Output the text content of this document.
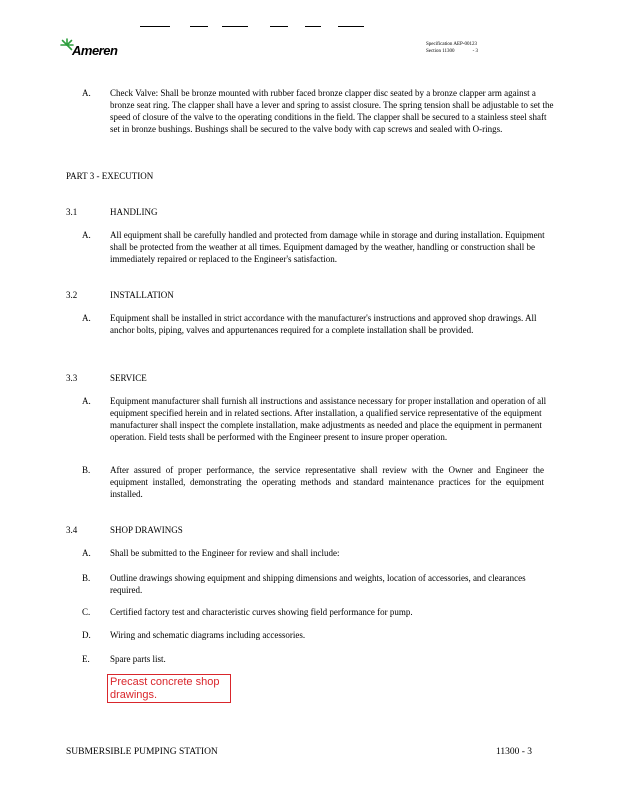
Ameren	Specification AEP-00123
Section 11300	- 3
A. Check Valve: Shall be bronze mounted with rubber faced bronze clapper disc seated by a bronze clapper arm against a bronze seat ring. The clapper shall have a lever and spring to assist closure. The spring tension shall be adjustable to set the speed of closure of the valve to the operating conditions in the field. The clapper shall be secured to a stainless steel shaft set in bronze bushings. Bushings shall be secured to the valve body with cap screws and sealed with O-rings.
PART 3 - EXECUTION
3.1	HANDLING
A. All equipment shall be carefully handled and protected from damage while in storage and during installation. Equipment shall be protected from the weather at all times. Equipment damaged by the weather, handling or construction shall be immediately repaired or replaced to the Engineer's satisfaction.
3.2	INSTALLATION
A. Equipment shall be installed in strict accordance with the manufacturer's instructions and approved shop drawings. All anchor bolts, piping, valves and appurtenances required for a complete installation shall be provided.
3.3	SERVICE
A. Equipment manufacturer shall furnish all instructions and assistance necessary for proper installation and operation of all equipment specified herein and in related sections. After installation, a qualified service representative of the equipment manufacturer shall inspect the complete installation, make adjustments as needed and place the equipment in permanent operation. Field tests shall be performed with the Engineer present to insure proper operation.
B. After assured of proper performance, the service representative shall review with the Owner and Engineer the equipment installed, demonstrating the operating methods and standard maintenance practices for the equipment installed.
3.4	SHOP DRAWINGS
A. Shall be submitted to the Engineer for review and shall include:
B. Outline drawings showing equipment and shipping dimensions and weights, location of accessories, and clearances required.
C. Certified factory test and characteristic curves showing field performance for pump.
D. Wiring and schematic diagrams including accessories.
E. Spare parts list.
Precast concrete shop drawings.
SUBMERSIBLE PUMPING STATION	11300 - 3
